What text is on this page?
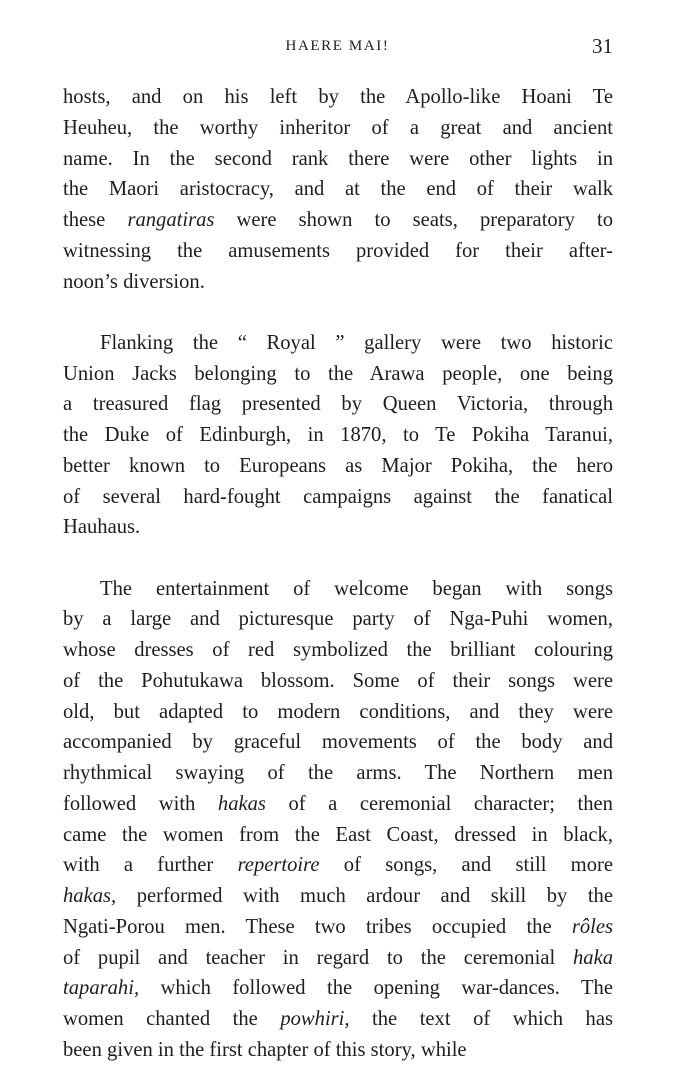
HAERE MAI!	31

hosts, and on his left by the Apollo-like Hoani Te
Heuheu, the worthy inheritor of a great and ancient
name. In the second rank there were other lights in
the Maori aristocracy, and at the end of their walk
these rangatiras were shown to seats, preparatory to
witnessing the amusements provided for their after-
noon’s diversion.

Flanking the “ Royal ” gallery were two historic
Union Jacks belonging to the Arawa people, one being
a treasured flag presented by Queen Victoria, through
the Duke of Edinburgh, in 1870, to Te Pokiha Taranui,
better known to Europeans as Major Pokiha, the hero
of several hard-fought campaigns against the fanatical
Hauhaus.

The entertainment of welcome began with songs
by a large and picturesque party of Nga-Puhi women,
whose dresses of red symbolized the brilliant colouring
of the Pohutukawa blossom. Some of their songs were
old, but adapted to modern conditions, and they were
accompanied by graceful movements of the body and
rhythmical swaying of the arms. The Northern men
followed with hakas of a ceremonial character; then
came the women from the East Coast, dressed in black,
with a further repertoire of songs, and still more
hakas, performed with much ardour and skill by the
Ngati-Porou men. These two tribes occupied the rôles
of pupil and teacher in regard to the ceremonial haka
taparahi, which followed the opening war-dances. The
women chanted the powhiri, the text of which has
been given in the first chapter of this story, while
